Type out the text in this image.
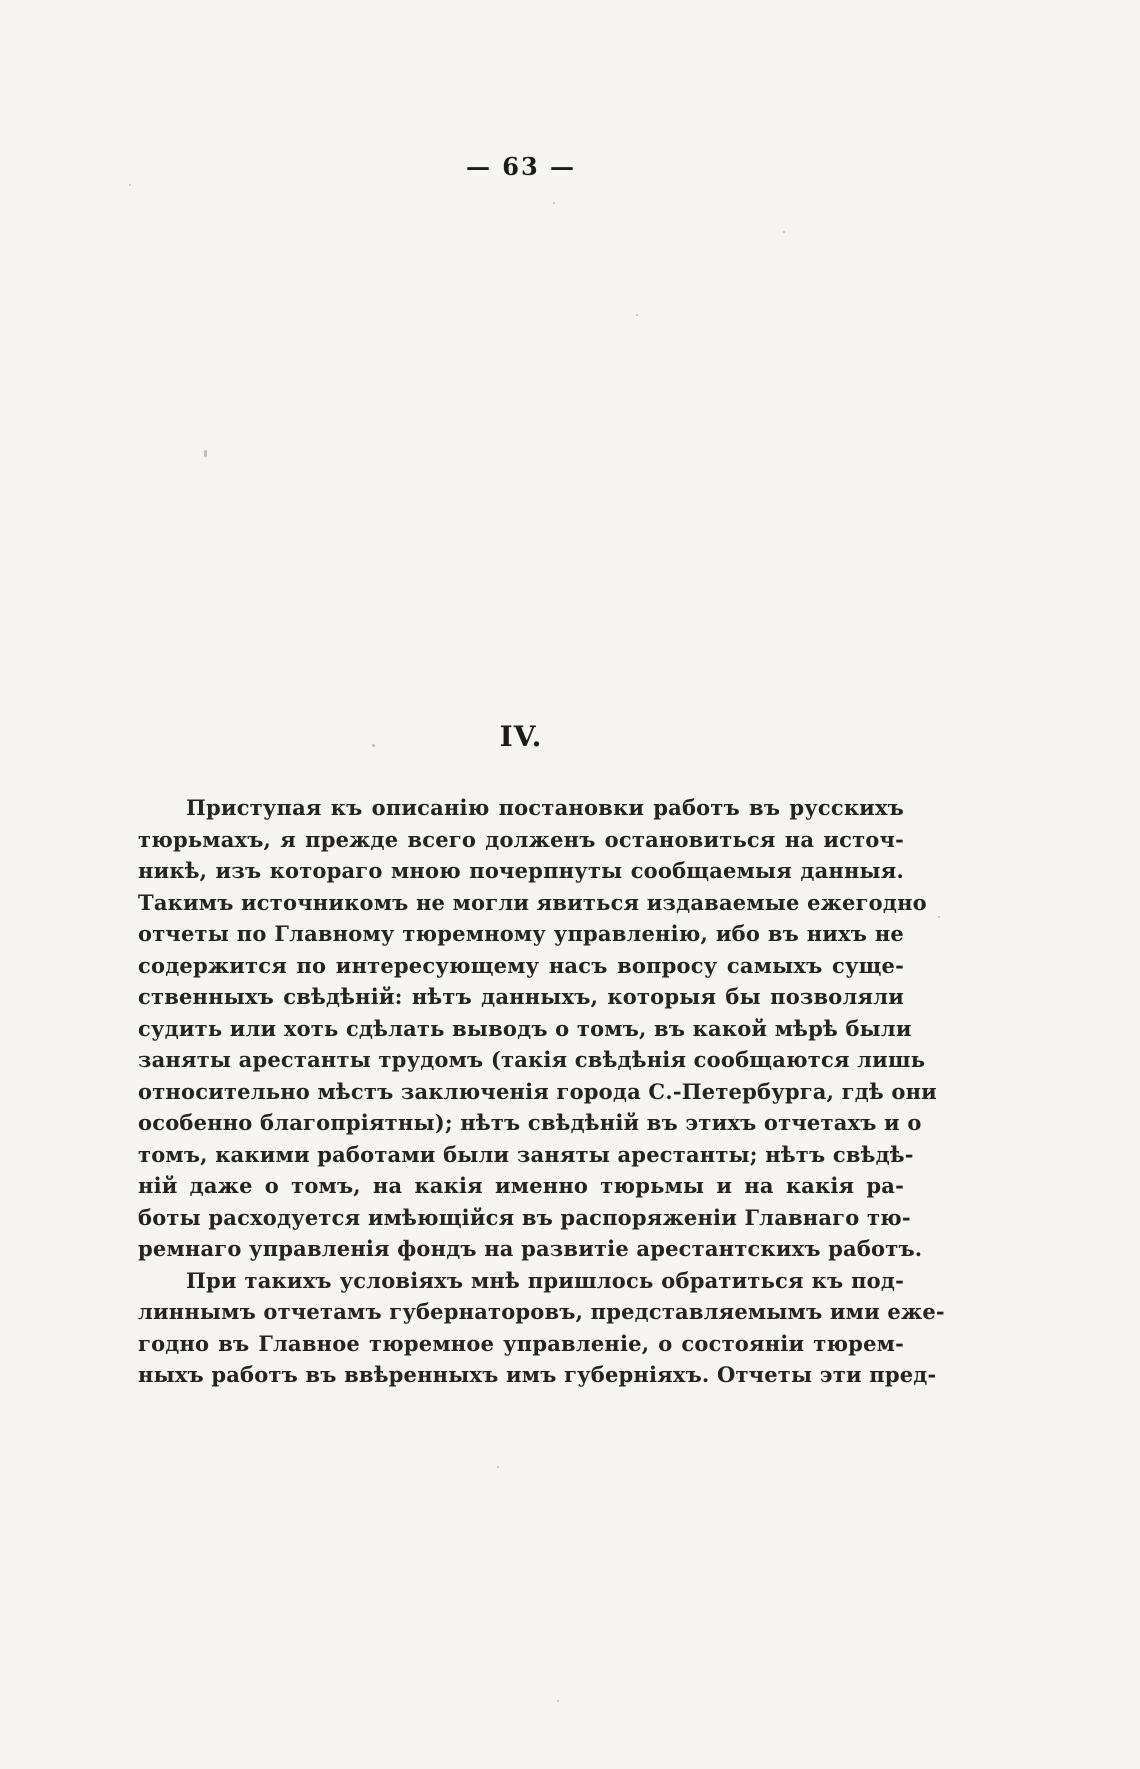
— 63 —
IV.
Приступая къ описанію постановки работъ въ русскихъ
тюрьмахъ, я прежде всего долженъ остановиться на источ-
никѣ, изъ котораго мною почерпнуты сообщаемыя данныя.
Такимъ источникомъ не могли явиться издаваемые ежегодно
отчеты по Главному тюремному управленію, ибо въ нихъ не
содержится по интересующему насъ вопросу самыхъ суще-
ственныхъ свѣдѣній: нѣтъ данныхъ, которыя бы позволяли
судить или хоть сдѣлать выводъ о томъ, въ какой мѣрѣ были
заняты арестанты трудомъ (такія свѣдѣнія сообщаются лишь
относительно мѣстъ заключенія города С.-Петербурга, гдѣ они
особенно благопріятны); нѣтъ свѣдѣній въ этихъ отчетахъ и о
томъ, какими работами были заняты арестанты; нѣтъ свѣдѣ-
ній даже о томъ, на какія именно тюрьмы и на какія ра-
боты расходуется имѣющійся въ распоряженіи Главнаго тю-
ремнаго управленія фондъ на развитіе арестантскихъ работъ.
При такихъ условіяхъ мнѣ пришлось обратиться къ под-
линнымъ отчетамъ губернаторовъ, представляемымъ ими еже-
годно въ Главное тюремное управленіе, о состояніи тюрем-
ныхъ работъ въ ввѣренныхъ имъ губерніяхъ. Отчеты эти пред-
